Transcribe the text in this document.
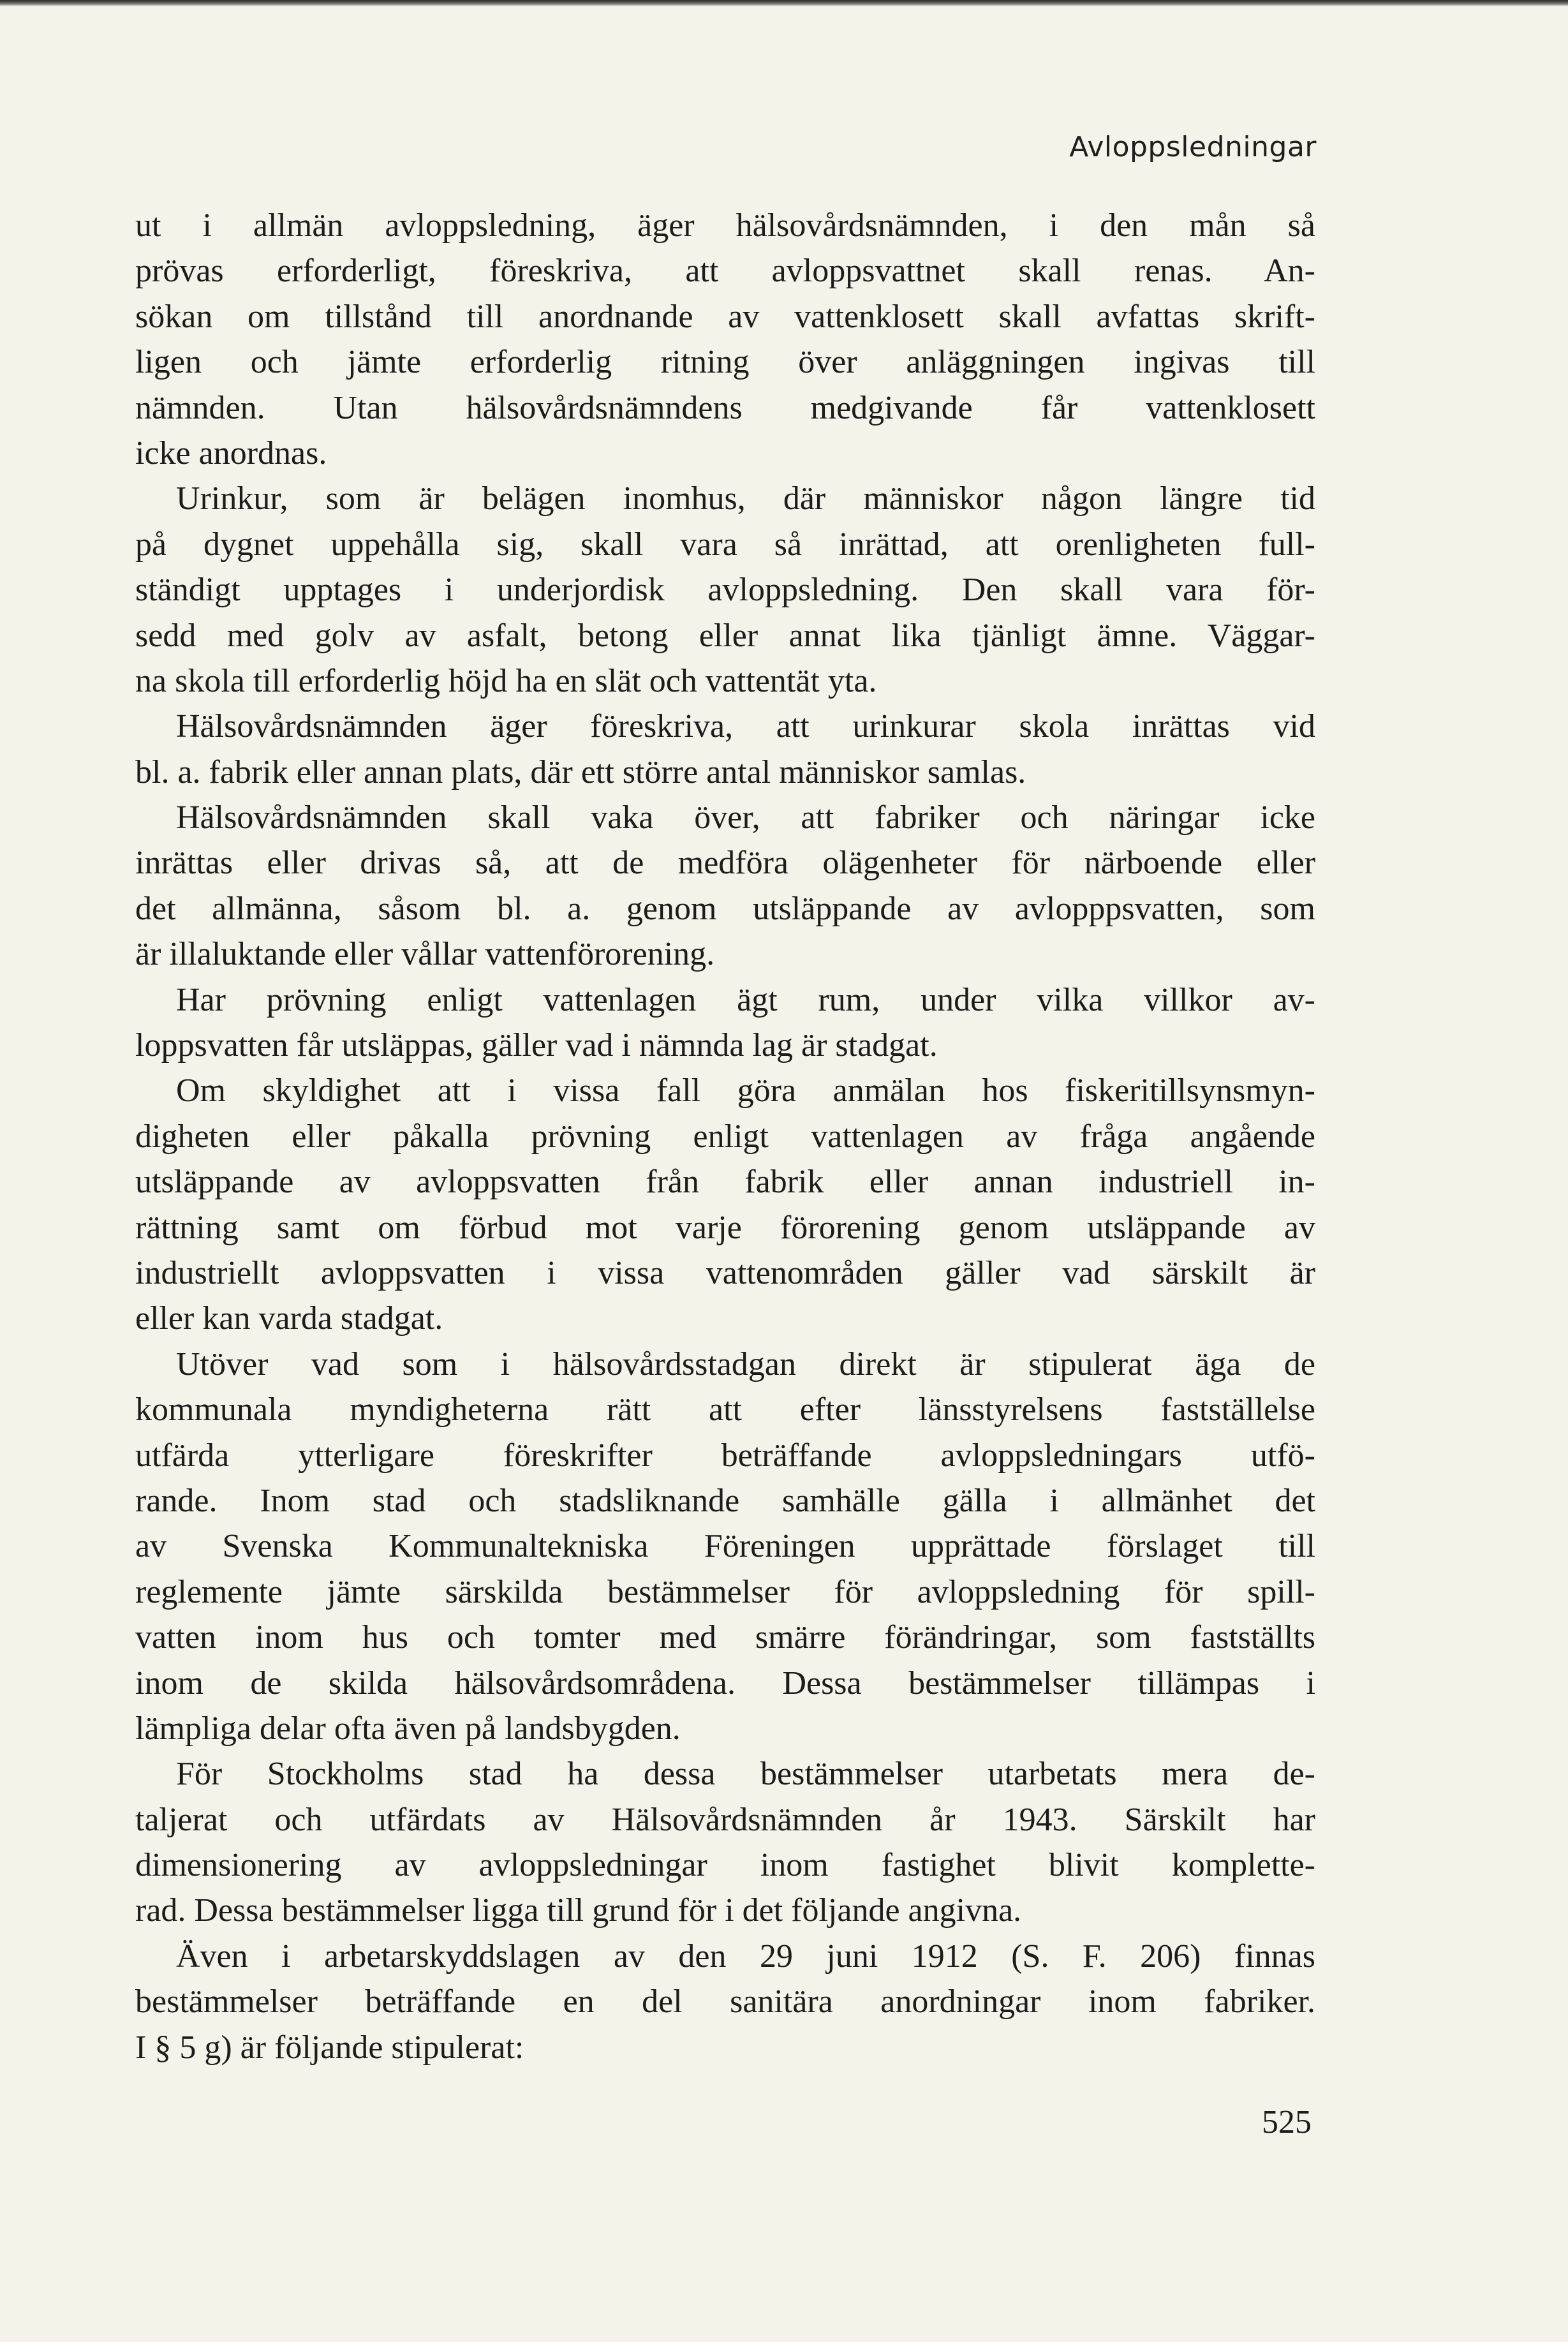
Avloppsledningar
ut i allmän avloppsledning, äger hälsovårdsnämnden, i den mån så
prövas erforderligt, föreskriva, att avloppsvattnet skall renas. An-
sökan om tillstånd till anordnande av vattenklosett skall avfattas skrift-
ligen och jämte erforderlig ritning över anläggningen ingivas till
nämnden. Utan hälsovårdsnämndens medgivande får vattenklosett
icke anordnas.
Urinkur, som är belägen inomhus, där människor någon längre tid
på dygnet uppehålla sig, skall vara så inrättad, att orenligheten full-
ständigt upptages i underjordisk avloppsledning. Den skall vara för-
sedd med golv av asfalt, betong eller annat lika tjänligt ämne. Väggar-
na skola till erforderlig höjd ha en slät och vattentät yta.
Hälsovårdsnämnden äger föreskriva, att urinkurar skola inrättas vid
bl. a. fabrik eller annan plats, där ett större antal människor samlas.
Hälsovårdsnämnden skall vaka över, att fabriker och näringar icke
inrättas eller drivas så, att de medföra olägenheter för närboende eller
det allmänna, såsom bl. a. genom utsläppande av avlopppsvatten, som
är illaluktande eller vållar vattenförorening.
Har prövning enligt vattenlagen ägt rum, under vilka villkor av-
loppsvatten får utsläppas, gäller vad i nämnda lag är stadgat.
Om skyldighet att i vissa fall göra anmälan hos fiskeritillsynsmyn-
digheten eller påkalla prövning enligt vattenlagen av fråga angående
utsläppande av avloppsvatten från fabrik eller annan industriell in-
rättning samt om förbud mot varje förorening genom utsläppande av
industriellt avloppsvatten i vissa vattenområden gäller vad särskilt är
eller kan varda stadgat.
Utöver vad som i hälsovårdsstadgan direkt är stipulerat äga de
kommunala myndigheterna rätt att efter länsstyrelsens fastställelse
utfärda ytterligare föreskrifter beträffande avloppsledningars utfö-
rande. Inom stad och stadsliknande samhälle gälla i allmänhet det
av Svenska Kommunaltekniska Föreningen upprättade förslaget till
reglemente jämte särskilda bestämmelser för avloppsledning för spill-
vatten inom hus och tomter med smärre förändringar, som fastställts
inom de skilda hälsovårdsområdena. Dessa bestämmelser tillämpas i
lämpliga delar ofta även på landsbygden.
För Stockholms stad ha dessa bestämmelser utarbetats mera de-
taljerat och utfärdats av Hälsovårdsnämnden år 1943. Särskilt har
dimensionering av avloppsledningar inom fastighet blivit komplette-
rad. Dessa bestämmelser ligga till grund för i det följande angivna.
Även i arbetarskyddslagen av den 29 juni 1912 (S. F. 206) finnas
bestämmelser beträffande en del sanitära anordningar inom fabriker.
I § 5 g) är följande stipulerat:
525
